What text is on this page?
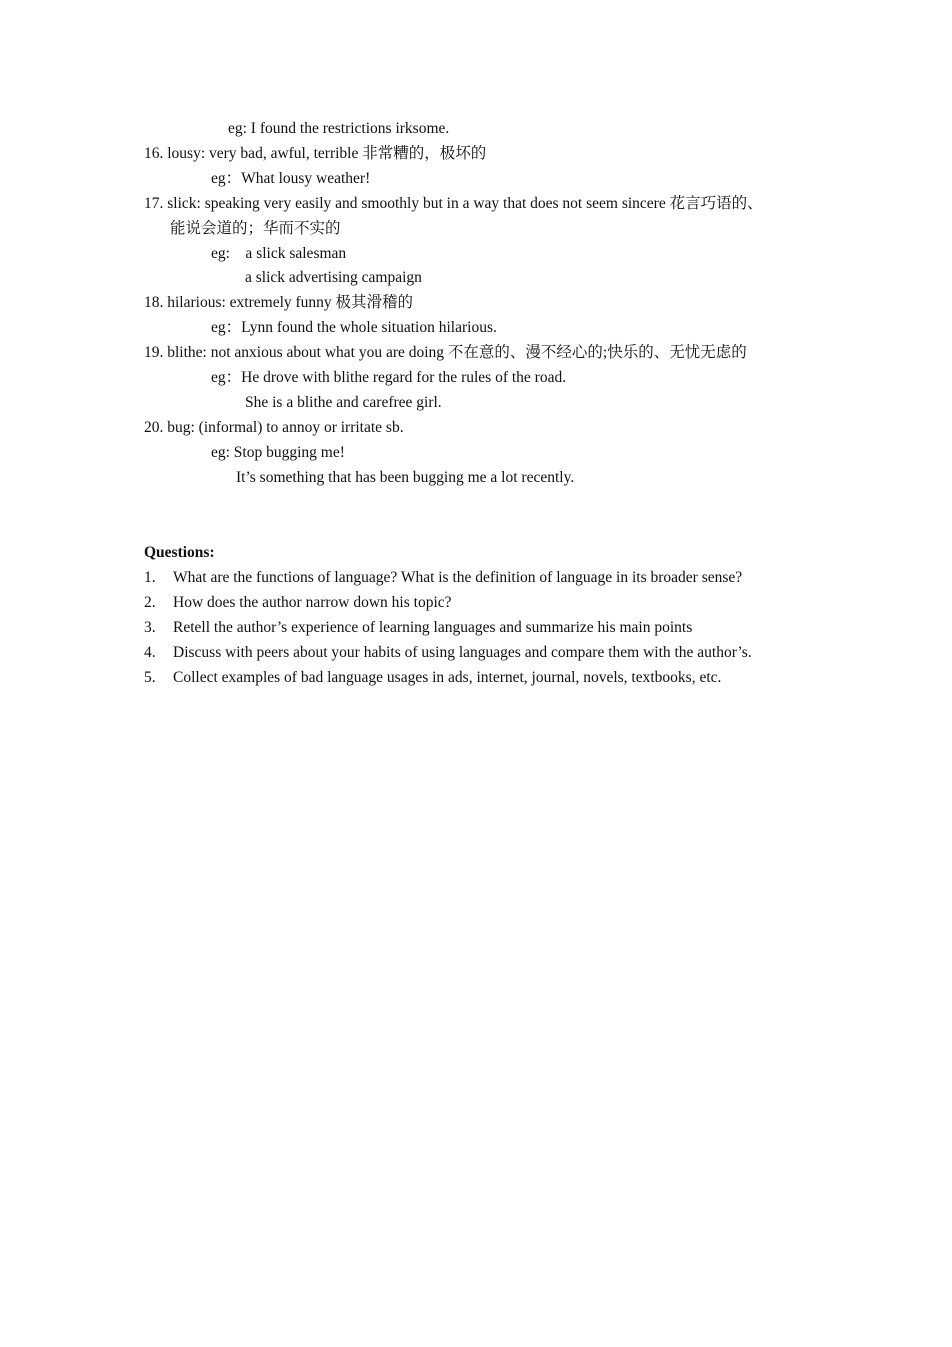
eg: I found the restrictions irksome.
16. lousy: very bad, awful, terrible 非常糟的，极坏的
eg：What lousy weather!
17. slick: speaking very easily and smoothly but in a way that does not seem sincere 花言巧语的、
能说会道的；华而不实的
eg:    a slick salesman
a slick advertising campaign
18. hilarious: extremely funny 极其滑稽的
eg：Lynn found the whole situation hilarious.
19. blithe: not anxious about what you are doing 不在意的、漫不经心的;快乐的、无忧无虑的
eg：He drove with blithe regard for the rules of the road.
She is a blithe and carefree girl.
20. bug: (informal) to annoy or irritate sb.
eg: Stop bugging me!
It’s something that has been bugging me a lot recently.
Questions:
1. What are the functions of language? What is the definition of language in its broader sense?
2. How does the author narrow down his topic?
3. Retell the author’s experience of learning languages and summarize his main points
4. Discuss with peers about your habits of using languages and compare them with the author’s.
5. Collect examples of bad language usages in ads, internet, journal, novels, textbooks, etc.
